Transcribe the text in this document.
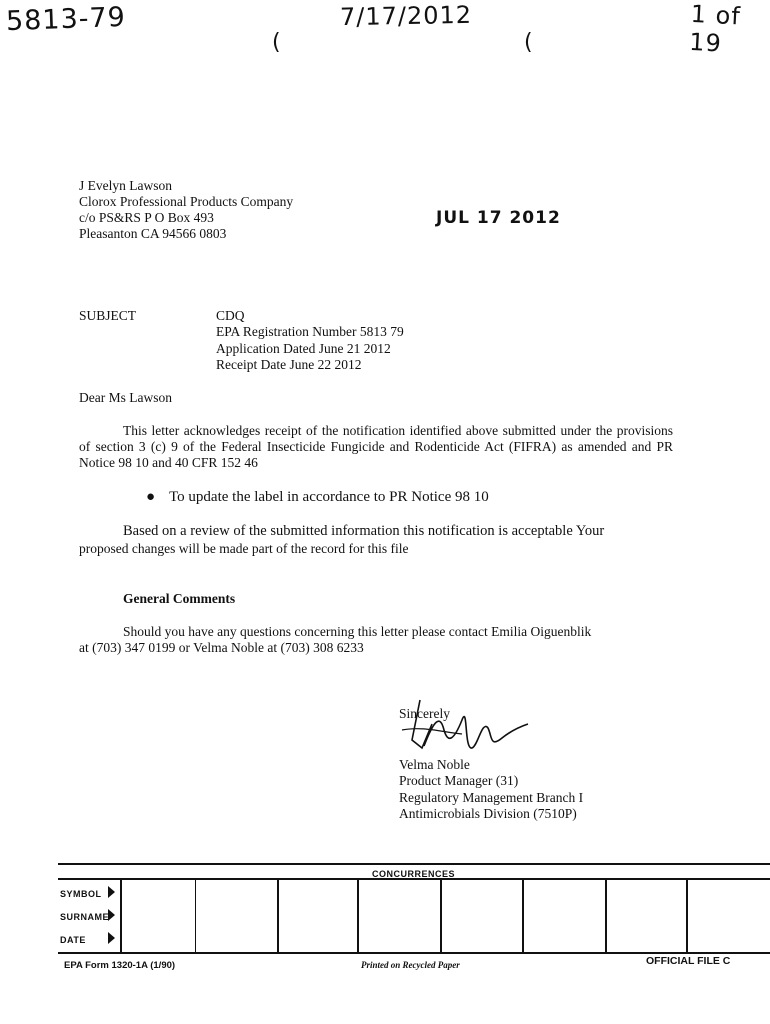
5813-79	7/17/2012	1 of 19
(	(
J Evelyn Lawson
Clorox Professional Products Company
c/o PS&RS P O Box 493
Pleasanton CA 94566 0803
JUL 17 2012
SUBJECT	CDQ
EPA Registration Number 5813 79
Application Dated June 21 2012
Receipt Date June 22 2012
Dear Ms Lawson
This letter acknowledges receipt of the notification identified above submitted under the provisions of section 3 (c) 9 of the Federal Insecticide Fungicide and Rodenticide Act (FIFRA) as amended and PR Notice 98 10 and 40 CFR 152 46
● To update the label in accordance to PR Notice 98 10
Based on a review of the submitted information this notification is acceptable Your
proposed changes will be made part of the record for this file
General Comments
Should you have any questions concerning this letter please contact Emilia Oiguenblik
at (703) 347 0199 or Velma Noble at (703) 308 6233
Sincerely
Velma Noble
Product Manager (31)
Regulatory Management Branch I
Antimicrobials Division (7510P)
CONCURRENCES
SYMBOL
SURNAME
DATE
EPA Form 1320-1A (1/90)	Printed on Recycled Paper	OFFICIAL FILE C
